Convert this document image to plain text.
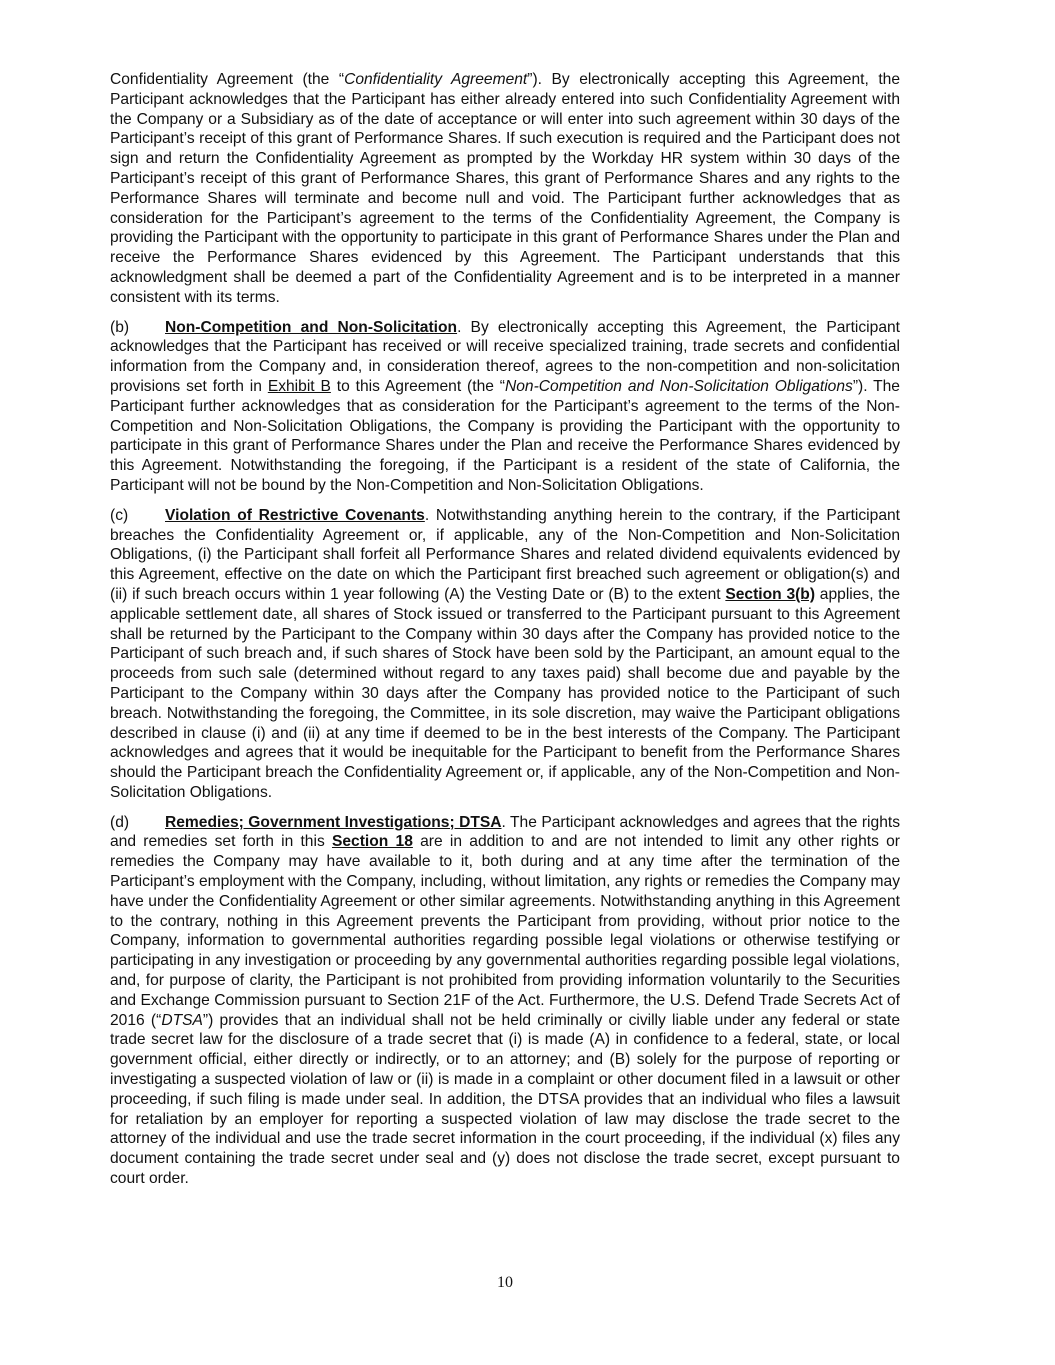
Confidentiality Agreement (the “Confidentiality Agreement”). By electronically accepting this Agreement, the Participant acknowledges that the Participant has either already entered into such Confidentiality Agreement with the Company or a Subsidiary as of the date of acceptance or will enter into such agreement within 30 days of the Participant’s receipt of this grant of Performance Shares. If such execution is required and the Participant does not sign and return the Confidentiality Agreement as prompted by the Workday HR system within 30 days of the Participant’s receipt of this grant of Performance Shares, this grant of Performance Shares and any rights to the Performance Shares will terminate and become null and void. The Participant further acknowledges that as consideration for the Participant’s agreement to the terms of the Confidentiality Agreement, the Company is providing the Participant with the opportunity to participate in this grant of Performance Shares under the Plan and receive the Performance Shares evidenced by this Agreement. The Participant understands that this acknowledgment shall be deemed a part of the Confidentiality Agreement and is to be interpreted in a manner consistent with its terms.

(b) Non-Competition and Non-Solicitation. By electronically accepting this Agreement, the Participant acknowledges that the Participant has received or will receive specialized training, trade secrets and confidential information from the Company and, in consideration thereof, agrees to the non-competition and non-solicitation provisions set forth in Exhibit B to this Agreement (the “Non-Competition and Non-Solicitation Obligations”). The Participant further acknowledges that as consideration for the Participant’s agreement to the terms of the Non-Competition and Non-Solicitation Obligations, the Company is providing the Participant with the opportunity to participate in this grant of Performance Shares under the Plan and receive the Performance Shares evidenced by this Agreement. Notwithstanding the foregoing, if the Participant is a resident of the state of California, the Participant will not be bound by the Non-Competition and Non-Solicitation Obligations.

(c) Violation of Restrictive Covenants. Notwithstanding anything herein to the contrary, if the Participant breaches the Confidentiality Agreement or, if applicable, any of the Non-Competition and Non-Solicitation Obligations, (i) the Participant shall forfeit all Performance Shares and related dividend equivalents evidenced by this Agreement, effective on the date on which the Participant first breached such agreement or obligation(s) and (ii) if such breach occurs within 1 year following (A) the Vesting Date or (B) to the extent Section 3(b) applies, the applicable settlement date, all shares of Stock issued or transferred to the Participant pursuant to this Agreement shall be returned by the Participant to the Company within 30 days after the Company has provided notice to the Participant of such breach and, if such shares of Stock have been sold by the Participant, an amount equal to the proceeds from such sale (determined without regard to any taxes paid) shall become due and payable by the Participant to the Company within 30 days after the Company has provided notice to the Participant of such breach. Notwithstanding the foregoing, the Committee, in its sole discretion, may waive the Participant obligations described in clause (i) and (ii) at any time if deemed to be in the best interests of the Company. The Participant acknowledges and agrees that it would be inequitable for the Participant to benefit from the Performance Shares should the Participant breach the Confidentiality Agreement or, if applicable, any of the Non-Competition and Non-Solicitation Obligations.

(d) Remedies; Government Investigations; DTSA. The Participant acknowledges and agrees that the rights and remedies set forth in this Section 18 are in addition to and are not intended to limit any other rights or remedies the Company may have available to it, both during and at any time after the termination of the Participant’s employment with the Company, including, without limitation, any rights or remedies the Company may have under the Confidentiality Agreement or other similar agreements. Notwithstanding anything in this Agreement to the contrary, nothing in this Agreement prevents the Participant from providing, without prior notice to the Company, information to governmental authorities regarding possible legal violations or otherwise testifying or participating in any investigation or proceeding by any governmental authorities regarding possible legal violations, and, for purpose of clarity, the Participant is not prohibited from providing information voluntarily to the Securities and Exchange Commission pursuant to Section 21F of the Act. Furthermore, the U.S. Defend Trade Secrets Act of 2016 (“DTSA”) provides that an individual shall not be held criminally or civilly liable under any federal or state trade secret law for the disclosure of a trade secret that (i) is made (A) in confidence to a federal, state, or local government official, either directly or indirectly, or to an attorney; and (B) solely for the purpose of reporting or investigating a suspected violation of law or (ii) is made in a complaint or other document filed in a lawsuit or other proceeding, if such filing is made under seal. In addition, the DTSA provides that an individual who files a lawsuit for retaliation by an employer for reporting a suspected violation of law may disclose the trade secret to the attorney of the individual and use the trade secret information in the court proceeding, if the individual (x) files any document containing the trade secret under seal and (y) does not disclose the trade secret, except pursuant to court order.

10
